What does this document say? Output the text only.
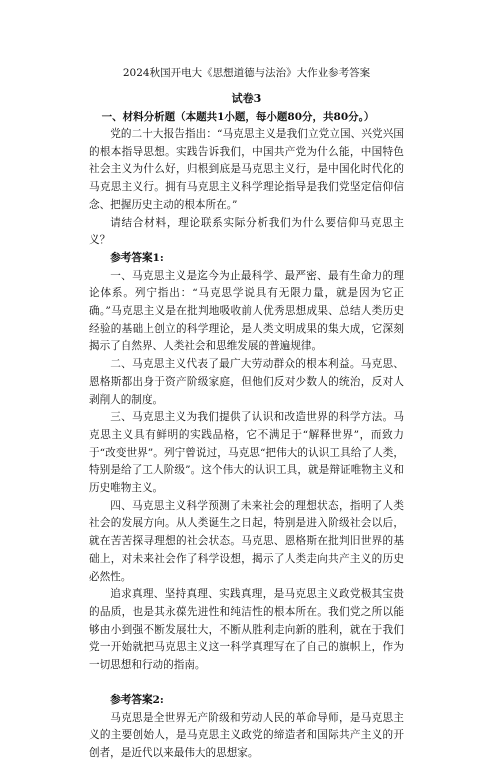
2024秋国开电大《思想道德与法治》大作业参考答案
试卷3

一、材料分析题（本题共1小题，每小题80分，共80分。）

党的二十大报告指出：“马克思主义是我们立党立国、兴党兴国的根本指导思想。实践告诉我们，中国共产党为什么能，中国特色社会主义为什么好，归根到底是马克思主义行，是中国化时代化的马克思主义行。拥有马克思主义科学理论指导是我们党坚定信仰信念、把握历史主动的根本所在。”

请结合材料，理论联系实际分析我们为什么要信仰马克思主义？

参考答案1:

一、马克思主义是迄今为止最科学、最严密、最有生命力的理论体系。列宁指出：“马克思学说具有无限力量，就是因为它正确。”马克思主义是在批判地吸收前人优秀思想成果、总结人类历史经验的基础上创立的科学理论，是人类文明成果的集大成，它深刻揭示了自然界、人类社会和思维发展的普遍规律。

二、马克思主义代表了最广大劳动群众的根本利益。马克思、恩格斯都出身于资产阶级家庭，但他们反对少数人的统治，反对人剥削人的制度。

三、马克思主义为我们提供了认识和改造世界的科学方法。马克思主义具有鲜明的实践品格，它不满足于“解释世界”，而致力于“改变世界”。列宁曾说过，马克思“把伟大的认识工具给了人类，特别是给了工人阶级”。这个伟大的认识工具，就是辩证唯物主义和历史唯物主义。

四、马克思主义科学预测了未来社会的理想状态，指明了人类社会的发展方向。从人类诞生之日起，特别是进入阶级社会以后，就在苦苦探寻理想的社会状态。马克思、恩格斯在批判旧世界的基础上，对未来社会作了科学设想，揭示了人类走向共产主义的历史必然性。

追求真理、坚持真理、实践真理，是马克思主义政党极其宝贵的品质，也是其永葆先进性和纯洁性的根本所在。我们党之所以能够由小到强不断发展壮大，不断从胜利走向新的胜利，就在于我们党一开始就把马克思主义这一科学真理写在了自己的旗帜上，作为一切思想和行动的指南。

参考答案2:

马克思是全世界无产阶级和劳动人民的革命导师，是马克思主义的主要创始人，是马克思主义政党的缔造者和国际共产主义的开创者，是近代以来最伟大的思想家。
